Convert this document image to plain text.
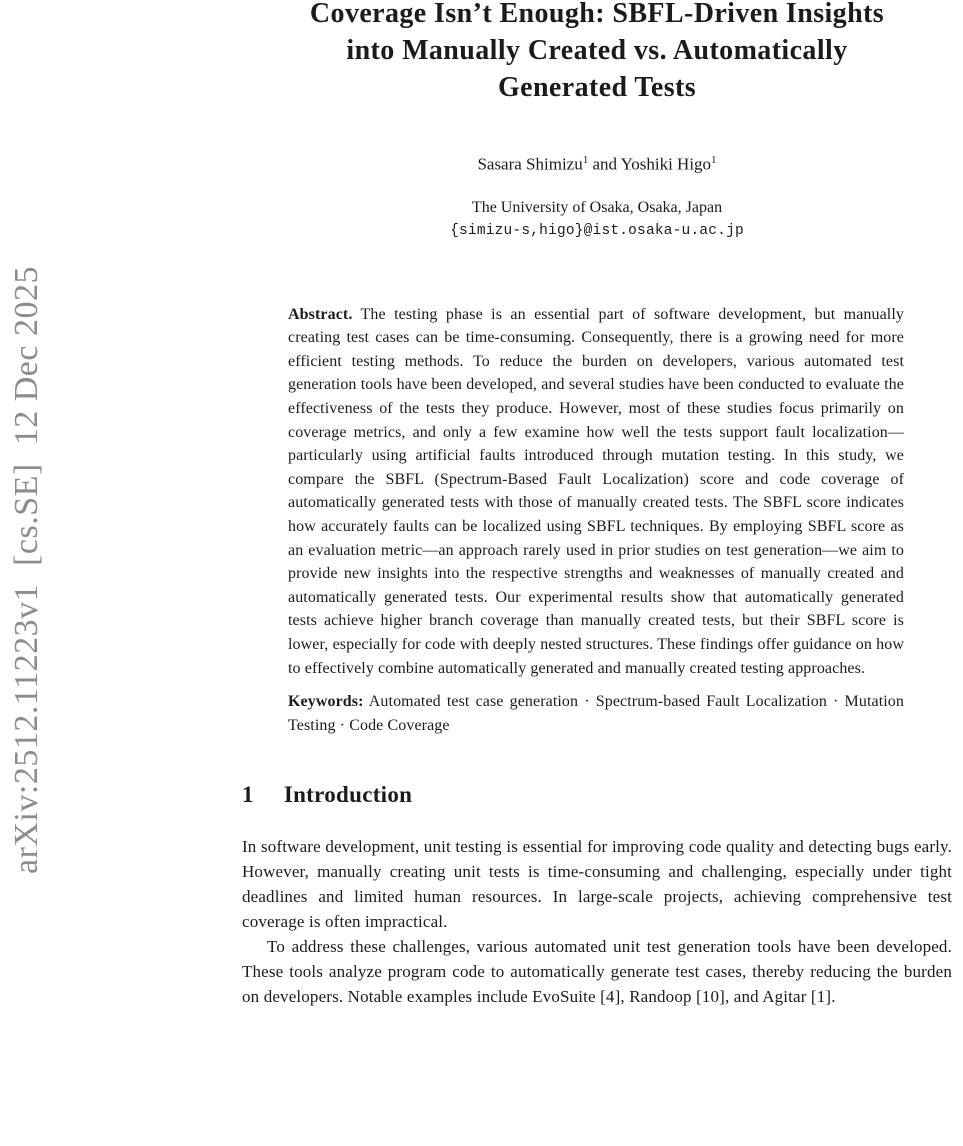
arXiv:2512.11223v1  [cs.SE]  12 Dec 2025
Coverage Isn’t Enough: SBFL-Driven Insights
into Manually Created vs. Automatically
Generated Tests
Sasara Shimizu$^1$ and Yoshiki Higo$^1$
The University of Osaka, Osaka, Japan
{simizu-s,higo}@ist.osaka-u.ac.jp
Abstract. The testing phase is an essential part of software development, but manually creating test cases can be time-consuming. Consequently, there is a growing need for more efficient testing methods. To reduce the burden on developers, various automated test generation tools have been developed, and several studies have been conducted to evaluate the effectiveness of the tests they produce. However, most of these studies focus primarily on coverage metrics, and only a few examine how well the tests support fault localization—particularly using artificial faults introduced through mutation testing. In this study, we compare the SBFL (Spectrum-Based Fault Localization) score and code coverage of automatically generated tests with those of manually created tests. The SBFL score indicates how accurately faults can be localized using SBFL techniques. By employing SBFL score as an evaluation metric—an approach rarely used in prior studies on test generation—we aim to provide new insights into the respective strengths and weaknesses of manually created and automatically generated tests. Our experimental results show that automatically generated tests achieve higher branch coverage than manually created tests, but their SBFL score is lower, especially for code with deeply nested structures. These findings offer guidance on how to effectively combine automatically generated and manually created testing approaches.
Keywords: Automated test case generation · Spectrum-based Fault Localization · Mutation Testing · Code Coverage
1 Introduction

In software development, unit testing is essential for improving code quality and detecting bugs early. However, manually creating unit tests is time-consuming and challenging, especially under tight deadlines and limited human resources. In large-scale projects, achieving comprehensive test coverage is often impractical.

To address these challenges, various automated unit test generation tools have been developed. These tools analyze program code to automatically generate test cases, thereby reducing the burden on developers. Notable examples include EvoSuite [4], Randoop [10], and Agitar [1].
